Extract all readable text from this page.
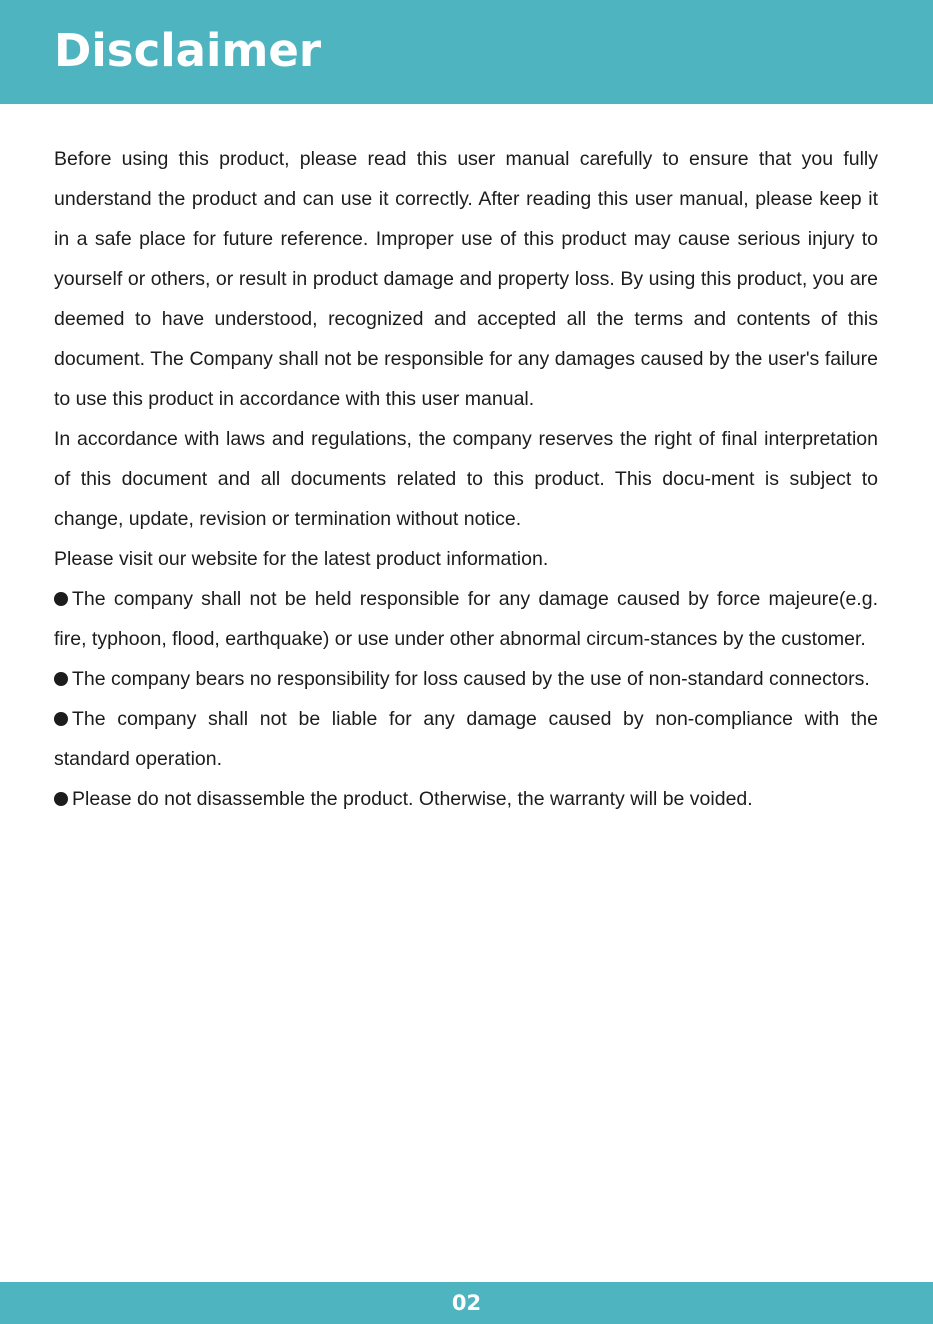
Disclaimer

Before using this product, please read this user manual carefully to ensure that you fully understand the product and can use it correctly. After reading this user manual, please keep it in a safe place for future reference. Improper use of this product may cause serious injury to yourself or others, or result in product damage and property loss. By using this product, you are deemed to have understood, recognized and accepted all the terms and contents of this document. The Company shall not be responsible for any damages caused by the user's failure to use this product in accordance with this user manual.

In accordance with laws and regulations, the company reserves the right of final interpretation of this document and all documents related to this product. This docu-ment is subject to change, update, revision or termination without notice.

Please visit our website for the latest product information.

The company shall not be held responsible for any damage caused by force majeure(e.g. fire, typhoon, flood, earthquake) or use under other abnormal circum-stances by the customer.

The company bears no responsibility for loss caused by the use of non-standard connectors.

The company shall not be liable for any damage caused by non-compliance with the standard operation.

Please do not disassemble the product. Otherwise, the warranty will be voided.

02
